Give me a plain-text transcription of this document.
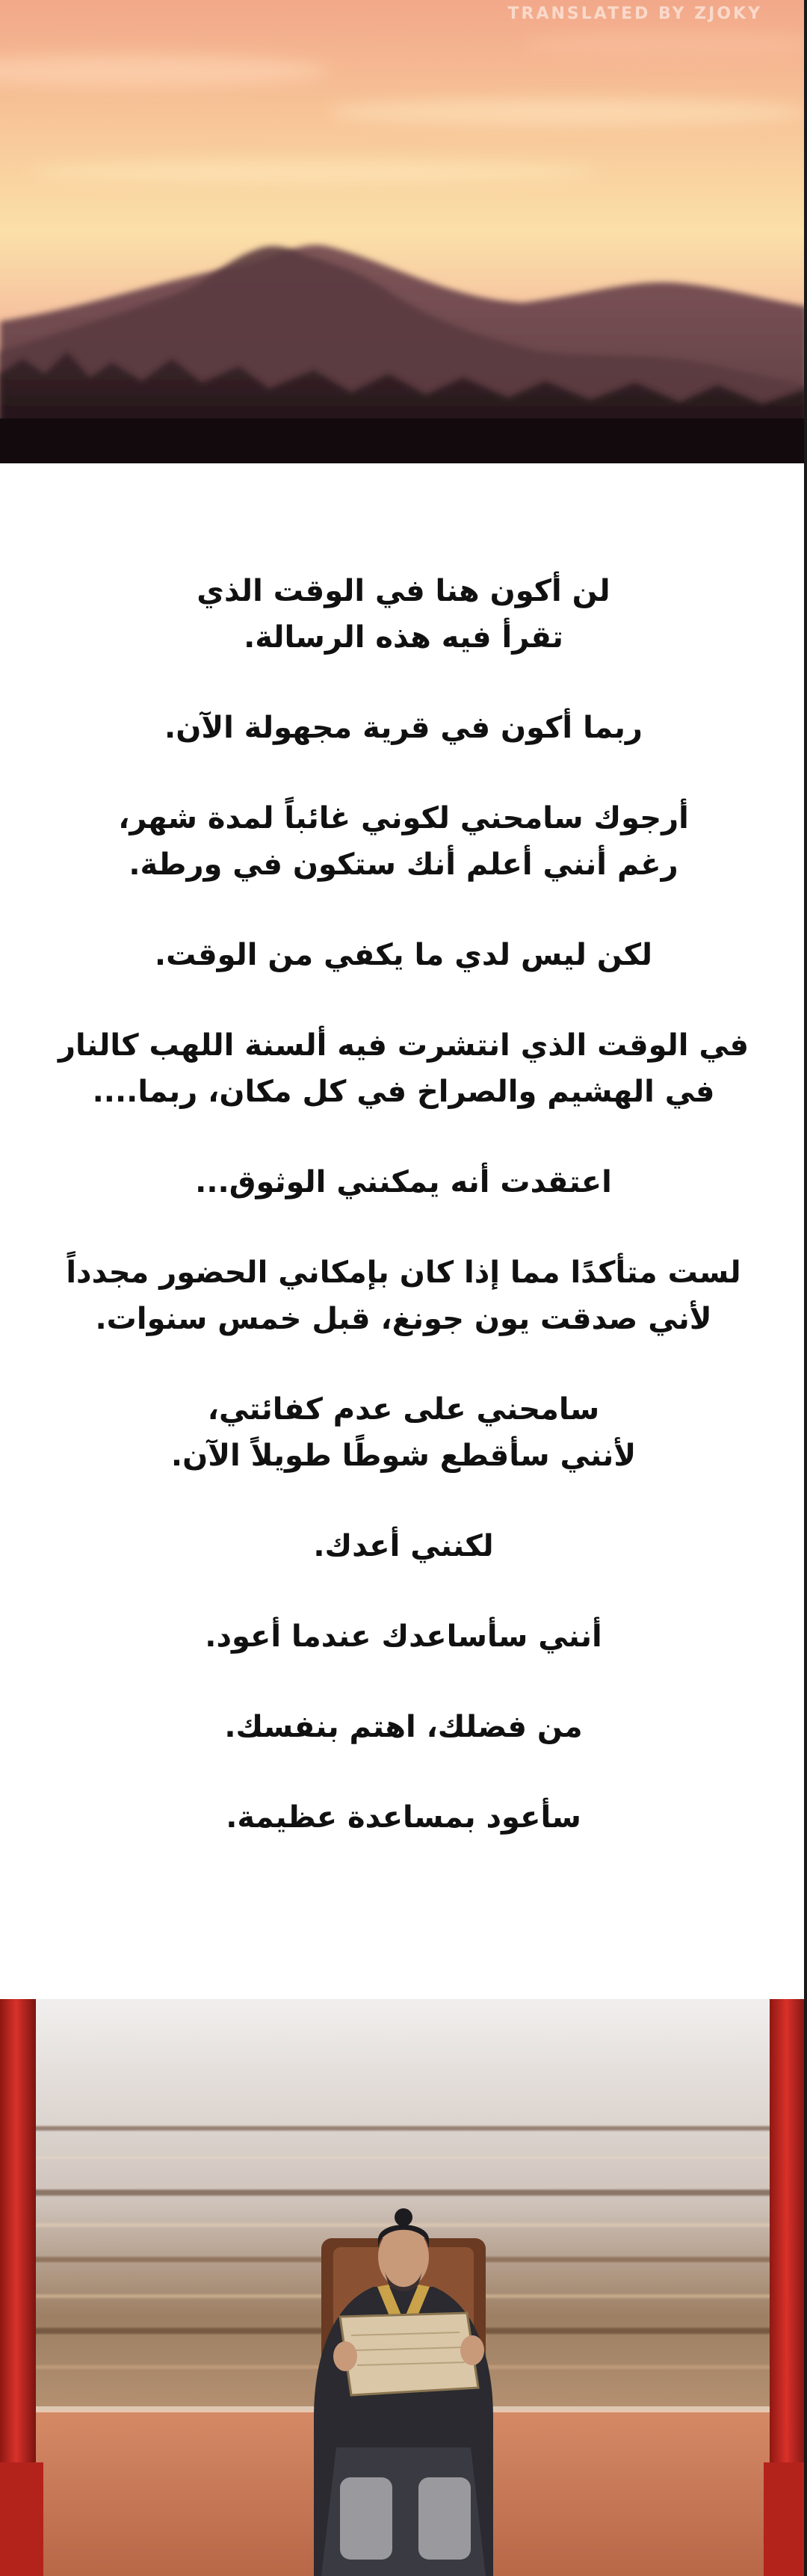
TRANSLATED BY ZJOKY
لن أكون هنا في الوقت الذي
تقرأ فيه هذه الرسالة.
ربما أكون في قرية مجهولة الآن.
أرجوك سامحني لكوني غائباً لمدة شهر،
رغم أنني أعلم أنك ستكون في ورطة.
لكن ليس لدي ما يكفي من الوقت.
في الوقت الذي انتشرت فيه ألسنة اللهب كالنار
في الهشيم والصراخ في كل مكان، ربما....
اعتقدت أنه يمكنني الوثوق...
لست متأكدًا مما إذا كان بإمكاني الحضور مجدداً
لأني صدقت يون جونغ، قبل خمس سنوات.
سامحني على عدم كفائتي،
لأنني سأقطع شوطًا طويلاً الآن.
لكنني أعدك.
أنني سأساعدك عندما أعود.
من فضلك، اهتم بنفسك.
سأعود بمساعدة عظيمة.
